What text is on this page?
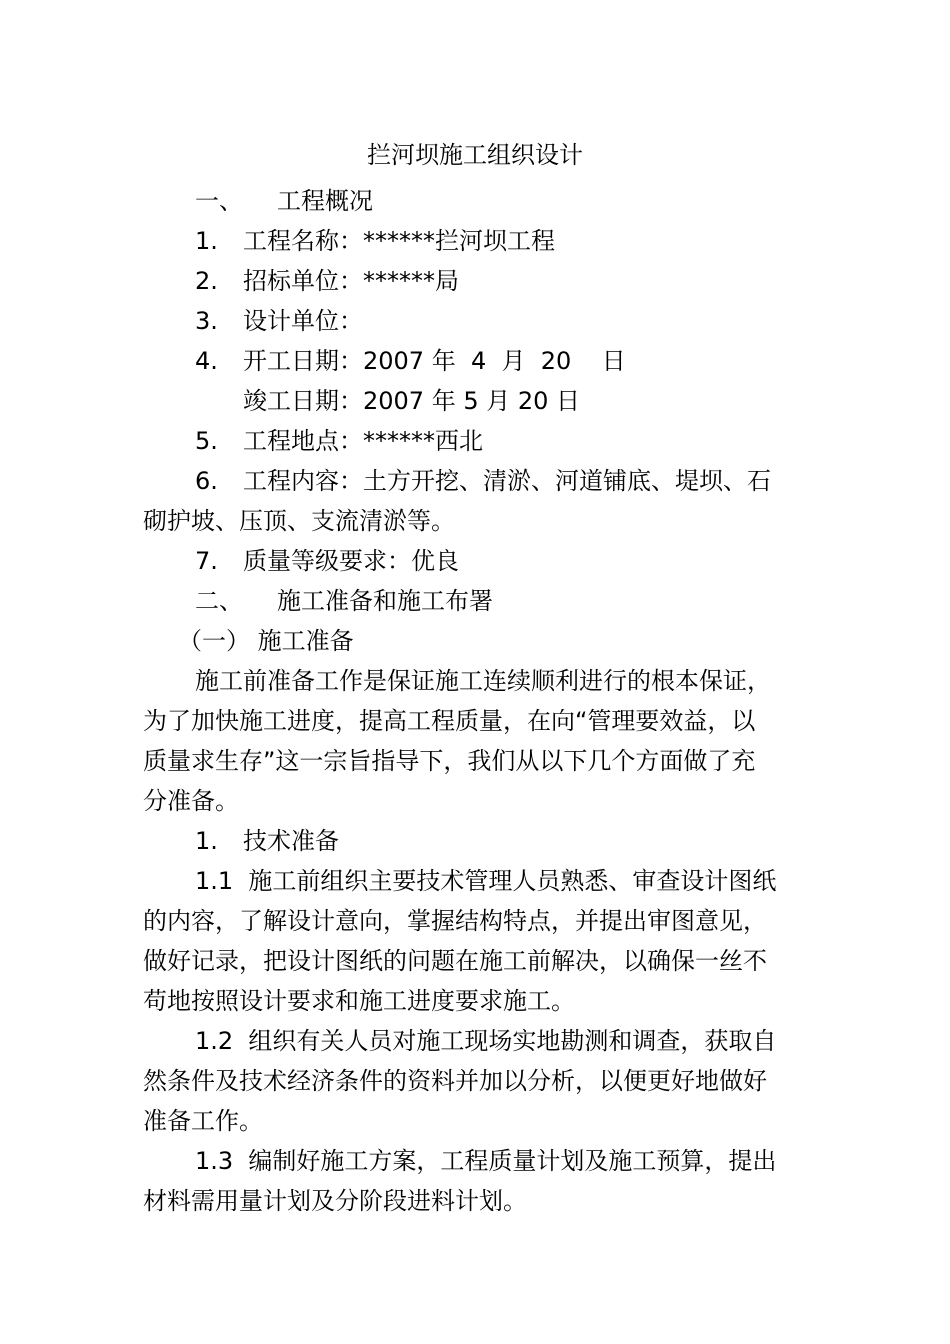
拦河坝施工组织设计

一、 工程概况

1. 工程名称：******拦河坝工程

2. 招标单位：******局

3. 设计单位：

4. 开工日期：2007 年  4  月  20    日

竣工日期：2007 年 5 月 20 日

5. 工程地点：******西北

6. 工程内容：土方开挖、清淤、河道铺底、堤坝、石

砌护坡、压顶、支流清淤等。

7. 质量等级要求：优良

二、 施工准备和施工布署

（一） 施工准备

施工前准备工作是保证施工连续顺利进行的根本保证，

为了加快施工进度，提高工程质量，在向“管理要效益，以

质量求生存”这一宗旨指导下，我们从以下几个方面做了充

分准备。

1. 技术准备

1.1  施工前组织主要技术管理人员熟悉、审查设计图纸

的内容，了解设计意向，掌握结构特点，并提出审图意见，

做好记录，把设计图纸的问题在施工前解决，以确保一丝不

苟地按照设计要求和施工进度要求施工。

1.2  组织有关人员对施工现场实地勘测和调查，获取自

然条件及技术经济条件的资料并加以分析，以便更好地做好

准备工作。

1.3  编制好施工方案，工程质量计划及施工预算，提出

材料需用量计划及分阶段进料计划。
